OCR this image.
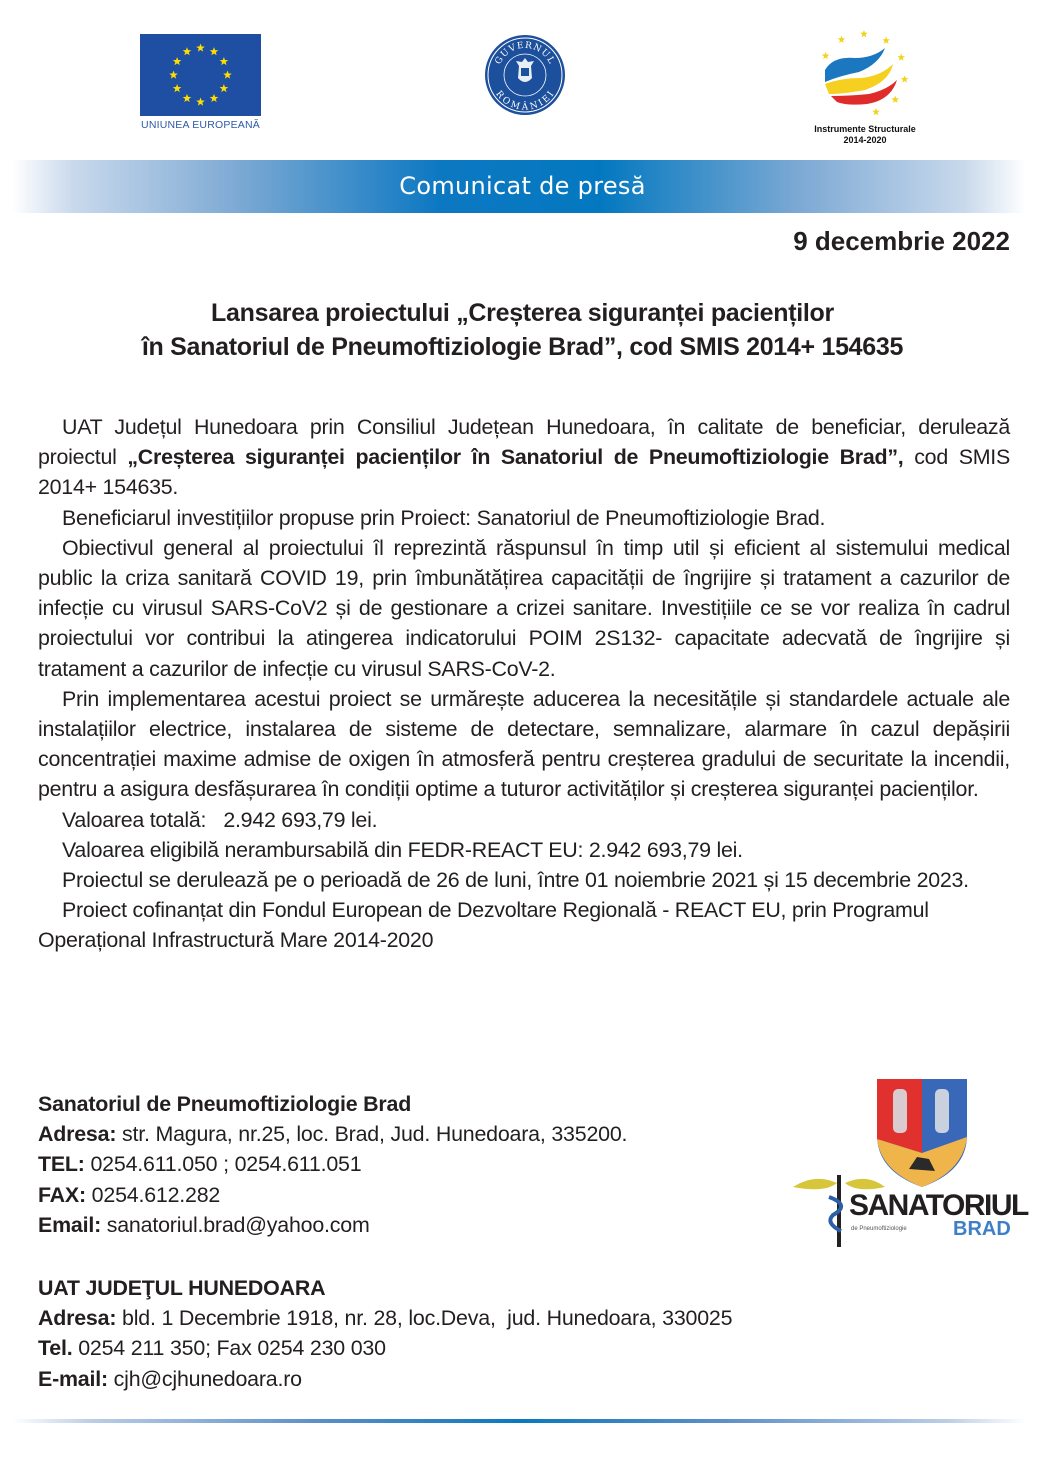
UNIUNEA EUROPEANĂ
GUVERNUL
ROMÂNIEI
Instrumente Structurale
2014-2020
Comunicat de presă
9 decembrie 2022
Lansarea proiectului „Creșterea siguranței pacienților
în Sanatoriul de Pneumoftiziologie Brad”, cod SMIS 2014+ 154635

UAT Județul Hunedoara prin Consiliul Județean Hunedoara, în calitate de beneficiar, derulează proiectul „Creșterea siguranței pacienților în Sanatoriul de Pneumoftiziologie Brad”, cod SMIS 2014+ 154635.

Beneficiarul investițiilor propuse prin Proiect: Sanatoriul de Pneumoftiziologie Brad.

Obiectivul general al proiectului îl reprezintă răspunsul în timp util și eficient al sistemului medical public la criza sanitară COVID 19, prin îmbunătățirea capacității de îngrijire și tratament a cazurilor de infecție cu virusul SARS-CoV2 și de gestionare a crizei sanitare. Investițiile ce se vor realiza în cadrul proiectului vor contribui la atingerea indicatorului POIM 2S132- capacitate adecvată de îngrijire și tratament a cazurilor de infecție cu virusul SARS-CoV-2.

Prin implementarea acestui proiect se urmărește aducerea la necesitățile și standardele actuale ale instalațiilor electrice, instalarea de sisteme de detectare, semnalizare, alarmare în cazul depășirii concentrației maxime admise de oxigen în atmosferă pentru creșterea gradului de securitate la incendii, pentru a asigura desfășurarea în condiții optime a tuturor activităților și creșterea siguranței pacienților.

Valoarea totală:   2.942 693,79 lei.

Valoarea eligibilă nerambursabilă din FEDR-REACT EU: 2.942 693,79 lei.

Proiectul se derulează pe o perioadă de 26 de luni, între 01 noiembrie 2021 și 15 decembrie 2023.

Proiect cofinanțat din Fondul European de Dezvoltare Regională - REACT EU, prin Programul Operațional Infrastructură Mare 2014-2020

Sanatoriul de Pneumoftiziologie Brad
Adresa: str. Magura, nr.25, loc. Brad, Jud. Hunedoara, 335200.
TEL: 0254.611.050 ; 0254.611.051
FAX: 0254.612.282
Email: sanatoriul.brad@yahoo.com
SANATORIUL
de Pneumoftiziologie BRAD
UAT JUDEŢUL HUNEDOARA
Adresa: bld. 1 Decembrie 1918, nr. 28, loc.Deva,  jud. Hunedoara, 330025
Tel. 0254 211 350; Fax 0254 230 030
E-mail: cjh@cjhunedoara.ro
